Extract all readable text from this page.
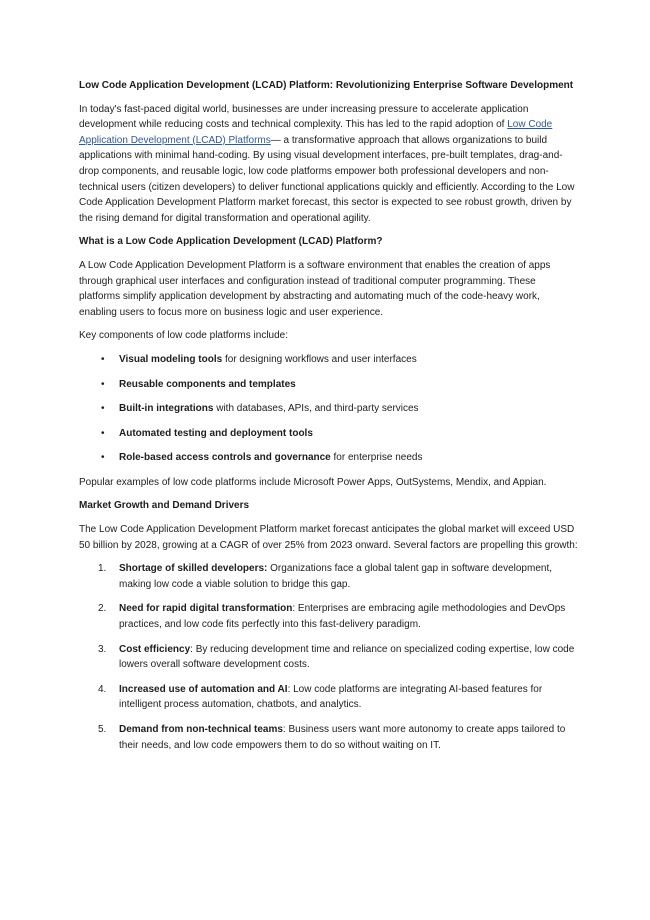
Low Code Application Development (LCAD) Platform: Revolutionizing Enterprise Software Development

In today's fast-paced digital world, businesses are under increasing pressure to accelerate application development while reducing costs and technical complexity. This has led to the rapid adoption of Low Code Application Development (LCAD) Platforms— a transformative approach that allows organizations to build applications with minimal hand-coding. By using visual development interfaces, pre-built templates, drag-and-drop components, and reusable logic, low code platforms empower both professional developers and non-technical users (citizen developers) to deliver functional applications quickly and efficiently. According to the Low Code Application Development Platform market forecast, this sector is expected to see robust growth, driven by the rising demand for digital transformation and operational agility.

What is a Low Code Application Development (LCAD) Platform?

A Low Code Application Development Platform is a software environment that enables the creation of apps through graphical user interfaces and configuration instead of traditional computer programming. These platforms simplify application development by abstracting and automating much of the code-heavy work, enabling users to focus more on business logic and user experience.

Key components of low code platforms include:

• Visual modeling tools for designing workflows and user interfaces
• Reusable components and templates
• Built-in integrations with databases, APIs, and third-party services
• Automated testing and deployment tools
• Role-based access controls and governance for enterprise needs

Popular examples of low code platforms include Microsoft Power Apps, OutSystems, Mendix, and Appian.

Market Growth and Demand Drivers

The Low Code Application Development Platform market forecast anticipates the global market will exceed USD 50 billion by 2028, growing at a CAGR of over 25% from 2023 onward. Several factors are propelling this growth:

1. Shortage of skilled developers: Organizations face a global talent gap in software development, making low code a viable solution to bridge this gap.
2. Need for rapid digital transformation: Enterprises are embracing agile methodologies and DevOps practices, and low code fits perfectly into this fast-delivery paradigm.
3. Cost efficiency: By reducing development time and reliance on specialized coding expertise, low code lowers overall software development costs.
4. Increased use of automation and AI: Low code platforms are integrating AI-based features for intelligent process automation, chatbots, and analytics.
5. Demand from non-technical teams: Business users want more autonomy to create apps tailored to their needs, and low code empowers them to do so without waiting on IT.
